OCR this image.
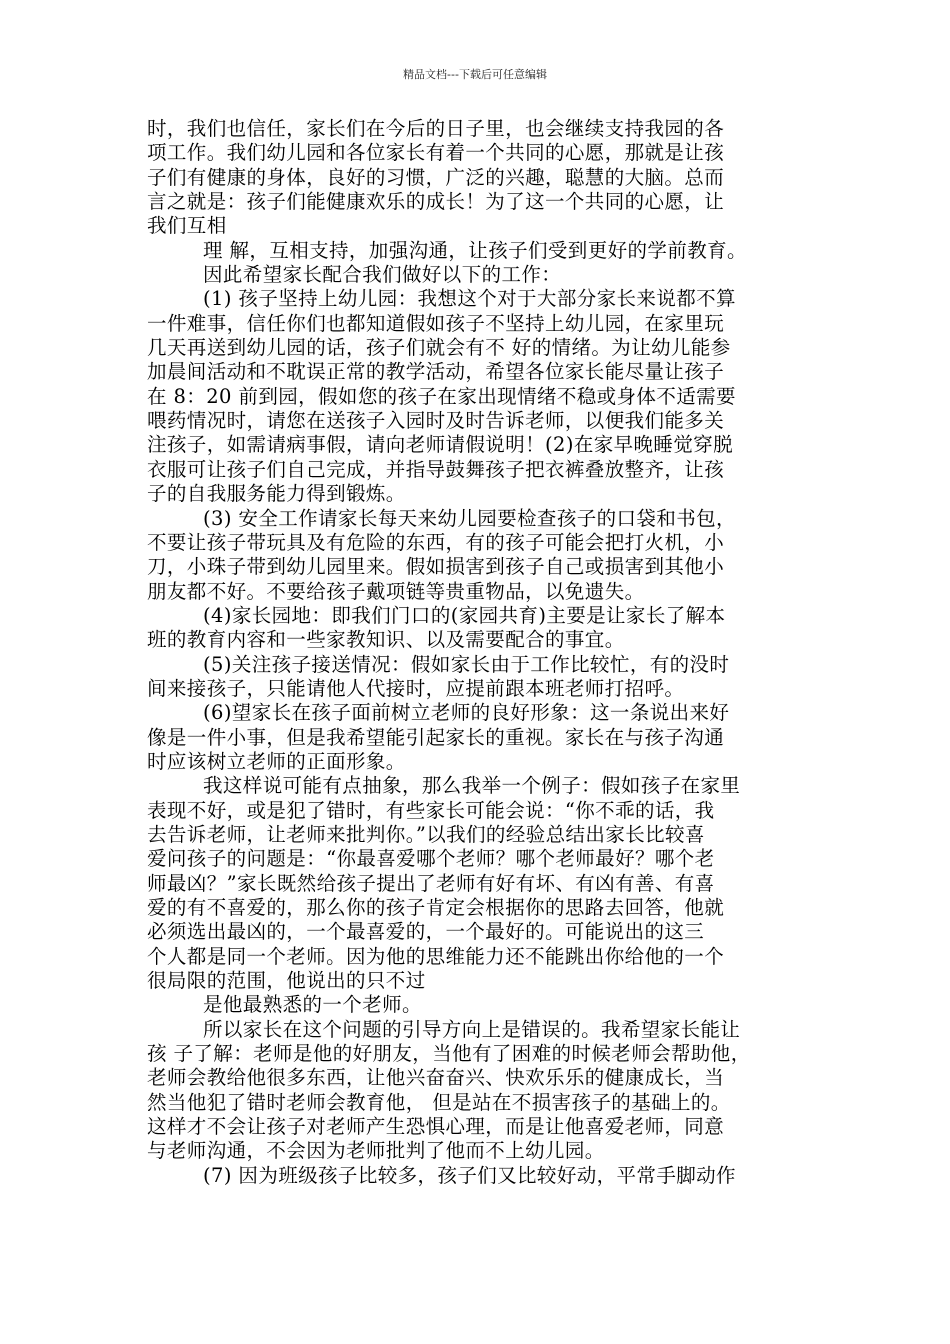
精品文档---下载后可任意编辑
时，我们也信任，家长们在今后的日子里，也会继续支持我园的各
项工作。我们幼儿园和各位家长有着一个共同的心愿，那就是让孩
子们有健康的身体，良好的习惯，广泛的兴趣，聪慧的大脑。总而
言之就是：孩子们能健康欢乐的成长！为了这一个共同的心愿，让
我们互相
理 解，互相支持，加强沟通，让孩子们受到更好的学前教育。
因此希望家长配合我们做好以下的工作：
(1) 孩子坚持上幼儿园：我想这个对于大部分家长来说都不算
一件难事，信任你们也都知道假如孩子不坚持上幼儿园，在家里玩
几天再送到幼儿园的话，孩子们就会有不 好的情绪。为让幼儿能参
加晨间活动和不耽误正常的教学活动，希望各位家长能尽量让孩子
在 8：20 前到园，假如您的孩子在家出现情绪不稳或身体不适需要
喂药情况时，请您在送孩子入园时及时告诉老师，以便我们能多关
注孩子，如需请病事假，请向老师请假说明！(2)在家早晚睡觉穿脱
衣服可让孩子们自己完成，并指导鼓舞孩子把衣裤叠放整齐，让孩
子的自我服务能力得到锻炼。
(3) 安全工作请家长每天来幼儿园要检查孩子的口袋和书包，
不要让孩子带玩具及有危险的东西，有的孩子可能会把打火机，小
刀，小珠子带到幼儿园里来。假如损害到孩子自己或损害到其他小
朋友都不好。不要给孩子戴项链等贵重物品，以免遗失。
(4)家长园地：即我们门口的(家园共育)主要是让家长了解本
班的教育内容和一些家教知识、以及需要配合的事宜。
(5)关注孩子接送情况：假如家长由于工作比较忙，有的没时
间来接孩子，只能请他人代接时，应提前跟本班老师打招呼。
(6)望家长在孩子面前树立老师的良好形象：这一条说出来好
像是一件小事，但是我希望能引起家长的重视。家长在与孩子沟通
时应该树立老师的正面形象。
我这样说可能有点抽象，那么我举一个例子：假如孩子在家里
表现不好，或是犯了错时，有些家长可能会说：“你不乖的话，我
去告诉老师，让老师来批判你。”以我们的经验总结出家长比较喜
爱问孩子的问题是：“你最喜爱哪个老师？哪个老师最好？哪个老
师最凶？”家长既然给孩子提出了老师有好有坏、有凶有善、有喜
爱的有不喜爱的，那么你的孩子肯定会根据你的思路去回答，他就
必须选出最凶的，一个最喜爱的，一个最好的。可能说出的这三
个人都是同一个老师。因为他的思维能力还不能跳出你给他的一个
很局限的范围，他说出的只不过
是他最熟悉的一个老师。
所以家长在这个问题的引导方向上是错误的。我希望家长能让
孩 子了解：老师是他的好朋友，当他有了困难的时候老师会帮助他，
老师会教给他很多东西，让他兴奋奋兴、快欢乐乐的健康成长，当
然当他犯了错时老师会教育他， 但是站在不损害孩子的基础上的。
这样才不会让孩子对老师产生恐惧心理，而是让他喜爱老师，同意
与老师沟通，不会因为老师批判了他而不上幼儿园。
(7) 因为班级孩子比较多，孩子们又比较好动，平常手脚动作
